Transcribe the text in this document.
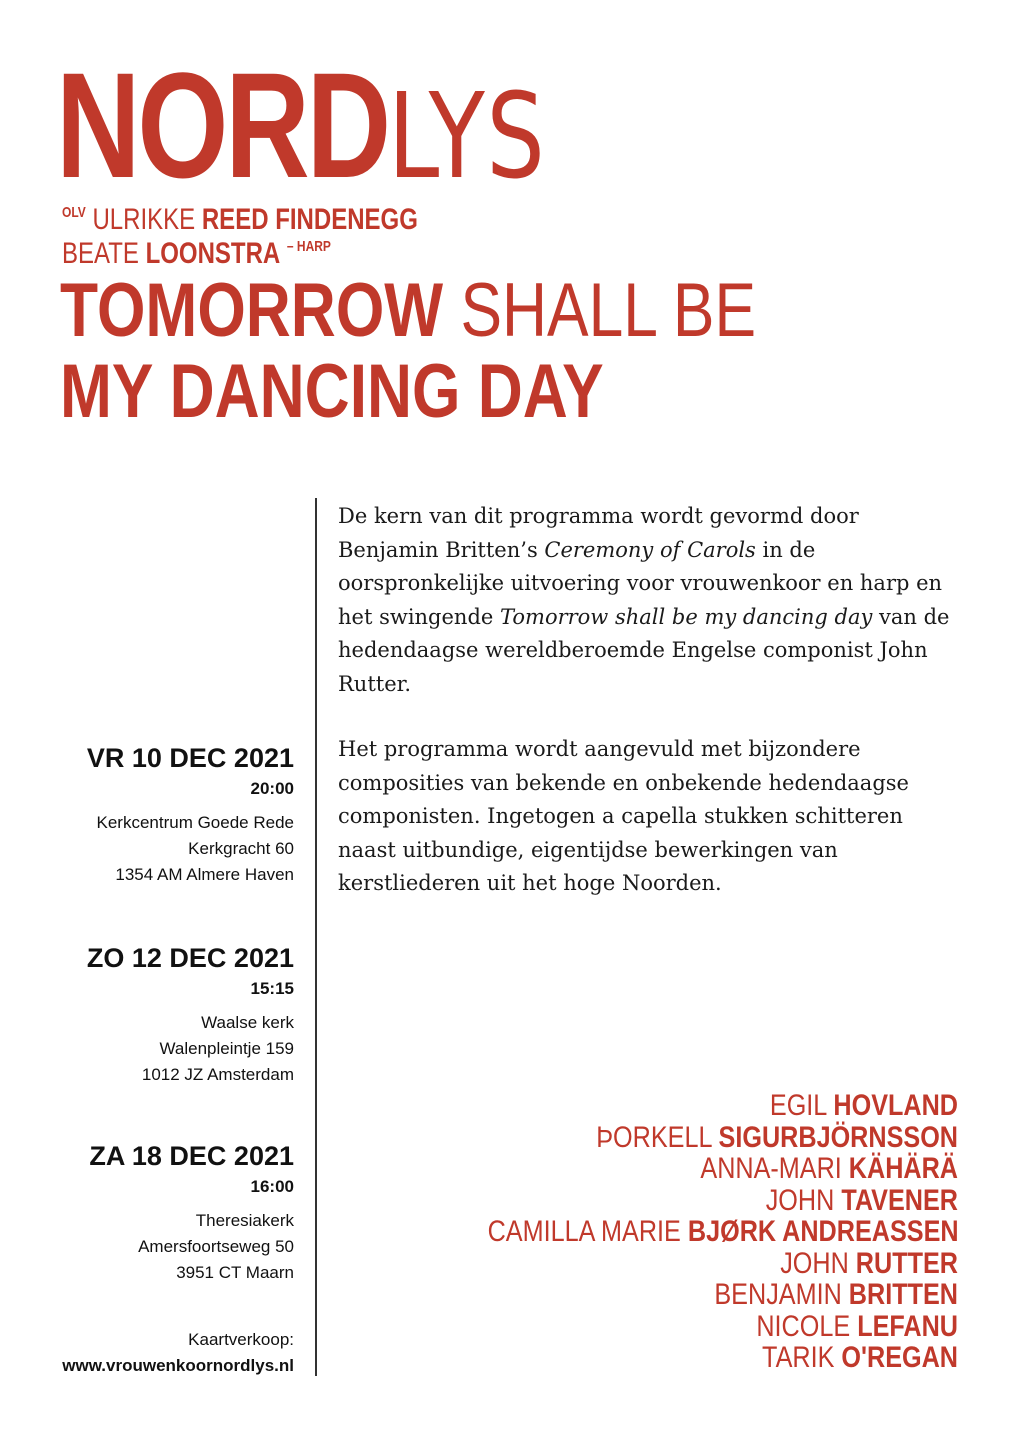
NORDLYS
$^{OLV}$ ULRIKKE REED FINDENEGG
BEATE LOONSTRA $^{- HARP}$
TOMORROW SHALL BE
MY DANCING DAY

De kern van dit programma wordt gevormd door Benjamin Britten’s Ceremony of Carols in de oorspronkelijke uitvoering voor vrouwenkoor en harp en het swingende Tomorrow shall be my dancing day van de hedendaagse wereldberoemde Engelse componist John Rutter.

Het programma wordt aangevuld met bijzondere composities van bekende en onbekende hedendaagse componisten. Ingetogen a capella stukken schitteren naast uitbundige, eigentijdse bewerkingen van kerstliederen uit het hoge Noorden.

VR 10 DEC 2021
20:00
Kerkcentrum Goede Rede
Kerkgracht 60
1354 AM Almere Haven
ZO 12 DEC 2021
15:15
Waalse kerk
Walenpleintje 159
1012 JZ Amsterdam
ZA 18 DEC 2021
16:00
Theresiakerk
Amersfoortseweg 50
3951 CT Maarn
Kaartverkoop:
www.vrouwenkoornordlys.nl
EGIL HOVLAND
ÞORKELL SIGURBJÖRNSSON
ANNA-MARI KÄHÄRÄ
JOHN TAVENER
CAMILLA MARIE BJØRK ANDREASSEN
JOHN RUTTER
BENJAMIN BRITTEN
NICOLE LEFANU
TARIK O'REGAN
